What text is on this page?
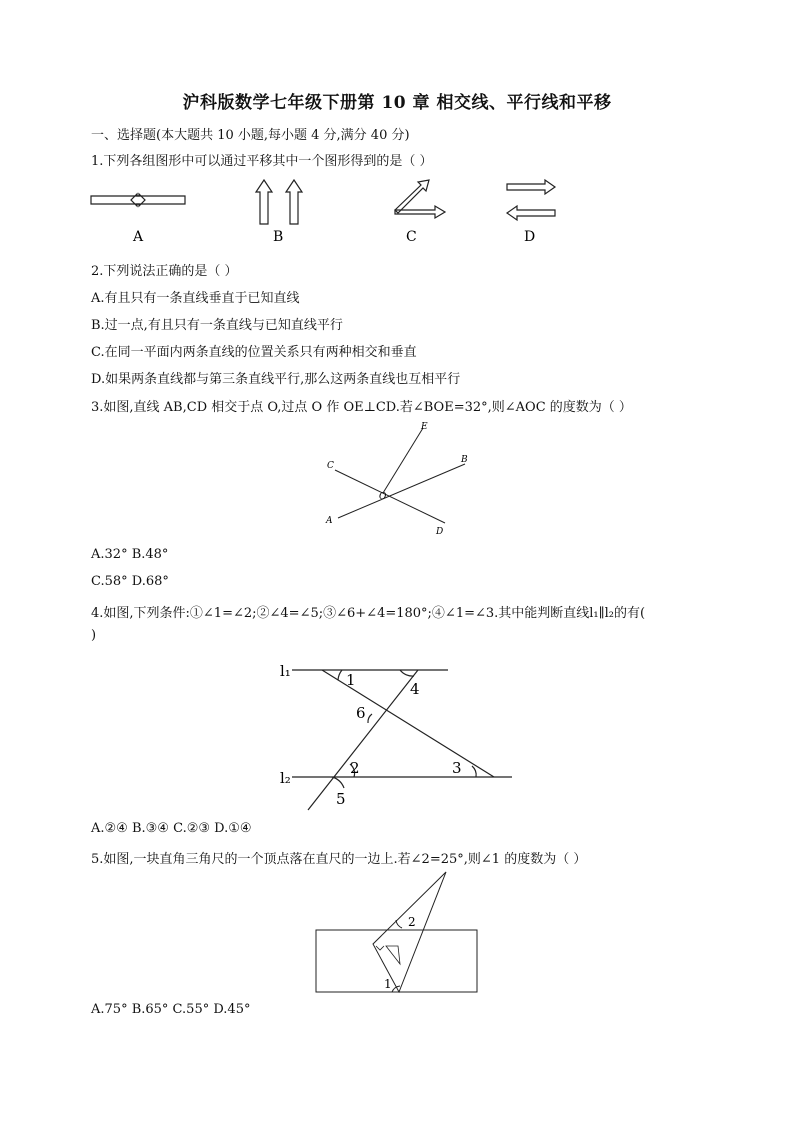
沪科版数学七年级下册第 10 章 相交线、平行线和平移
一、选择题(本大题共 10 小题,每小题 4 分,满分 40 分)
1.下列各组图形中可以通过平移其中一个图形得到的是（ ）
A	B	C	D
2.下列说法正确的是（ ）
A.有且只有一条直线垂直于已知直线
B.过一点,有且只有一条直线与已知直线平行
C.在同一平面内两条直线的位置关系只有两种相交和垂直
D.如果两条直线都与第三条直线平行,那么这两条直线也互相平行
3.如图,直线 AB,CD 相交于点 O,过点 O 作 OE⊥CD.若∠BOE=32°,则∠AOC 的度数为（ ）
E
B
C
O
A
D
A.32° B.48°
C.58° D.68°
4.如图,下列条件:①∠1=∠2;②∠4=∠5;③∠6+∠4=180°;④∠1=∠3.其中能判断直线l₁∥l₂的有(
)
l₁
l₂
1	4
6
2	3
5
A.②④ B.③④ C.②③ D.①④
5.如图,一块直角三角尺的一个顶点落在直尺的一边上.若∠2=25°,则∠1 的度数为（ ）
2
1
A.75° B.65° C.55° D.45°
